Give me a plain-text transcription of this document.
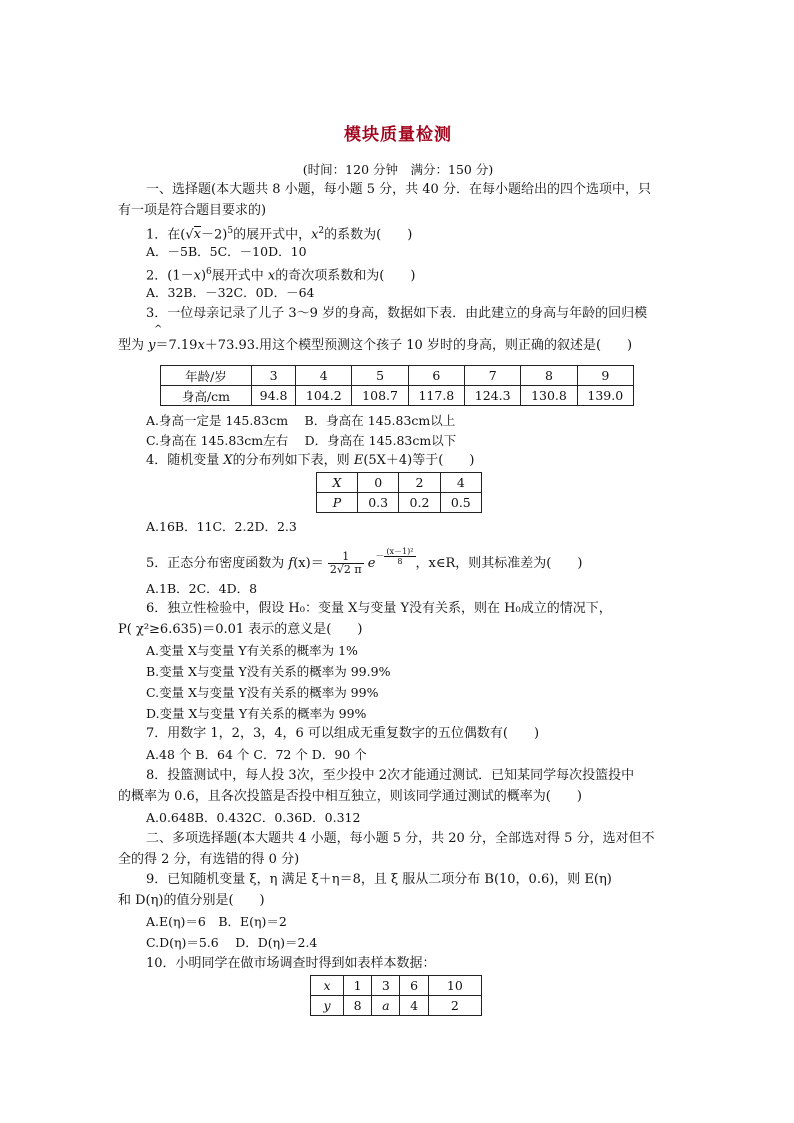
模块质量检测
(时间：120 分钟　满分：150 分)
一、选择题(本大题共 8 小题，每小题 5 分，共 40 分．在每小题给出的四个选项中，只
有一项是符合题目要求的)
1．在$(√x-2)^5$的展开式中，$x^2$的系数为(　　)
A．－5B．5C．－10D．10
2．$(1-x)^6$展开式中 x的奇次项系数和为(　　)
A．32B．－32C．0D．－64
3．一位母亲记录了儿子 3～9 岁的身高，数据如下表．由此建立的身高与年龄的回归模
^
型为 y＝7.19x＋73.93.用这个模型预测这个孩子 10 岁时的身高，则正确的叙述是(　　)
年龄/岁	3	4	5	6	7	8	9
身高/cm	94.8	104.2	108.7	117.8	124.3	130.8	139.0
A.身高一定是 145.83cm　 B．身高在 145.83cm以上
C.身高在 145.83cm左右　 D．身高在 145.83cm以下
4．随机变量 X的分布列如下表，则 E(5X＋4)等于(　　)
X	0	2	4
P	0.3	0.2	0.5
A.16B．11C．2.2D．2.3
5．正态分布密度函数为 $f(x)= \frac{1}{2√2 \pi} e^{- \frac{\text{(x－1)²}}{8}}$ ，x∈R，则其标准差为(　　)
A.1B．2C．4D．8
6．独立性检验中，假设 H₀：变量 X与变量 Y没有关系，则在 H₀成立的情况下，
P( χ²≥6.635)＝0.01 表示的意义是(　　)
A.变量 X与变量 Y有关系的概率为 1%
B.变量 X与变量 Y没有关系的概率为 99.9%
C.变量 X与变量 Y没有关系的概率为 99%
D.变量 X与变量 Y有关系的概率为 99%
7．用数字 1，2，3，4，6 可以组成无重复数字的五位偶数有(　　)
A.48 个 B．64 个 C．72 个 D．90 个
8．投篮测试中，每人投 3次，至少投中 2次才能通过测试．已知某同学每次投篮投中
的概率为 0.6，且各次投篮是否投中相互独立，则该同学通过测试的概率为(　　)
A.0.648B．0.432C．0.36D．0.312
二、多项选择题(本大题共 4 小题，每小题 5 分，共 20 分，全部选对得 5 分，选对但不
全的得 2 分，有选错的得 0 分)
9．已知随机变量 ξ，η 满足 ξ＋η＝8，且 ξ 服从二项分布 B(10，0.6)，则 E(η)
和 D(η)的值分别是(　　)
A.E(η)＝6　B．E(η)＝2
C.D(η)＝5.6　 D．D(η)＝2.4
10．小明同学在做市场调查时得到如表样本数据：
x	1	3	6	10
y	8	a	4	2
